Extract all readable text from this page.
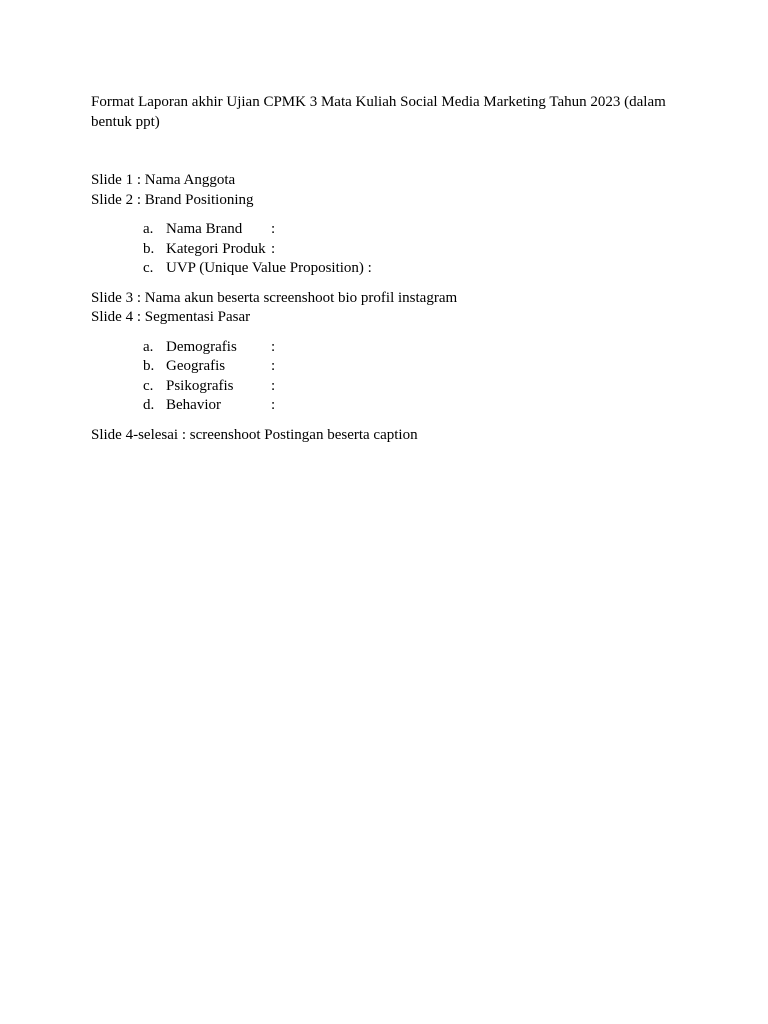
Format Laporan akhir Ujian CPMK 3 Mata Kuliah Social Media Marketing Tahun 2023 (dalam bentuk ppt)

Slide 1 : Nama Anggota

Slide 2 : Brand Positioning

a. Nama Brand :
b. Kategori Produk :
c. UVP (Unique Value Proposition) :

Slide 3 : Nama akun beserta screenshoot bio profil instagram

Slide 4 : Segmentasi Pasar

a. Demografis :
b. Geografis	:
c. Psikografis	:
d. Behavior	:

Slide 4-selesai : screenshoot Postingan beserta caption
